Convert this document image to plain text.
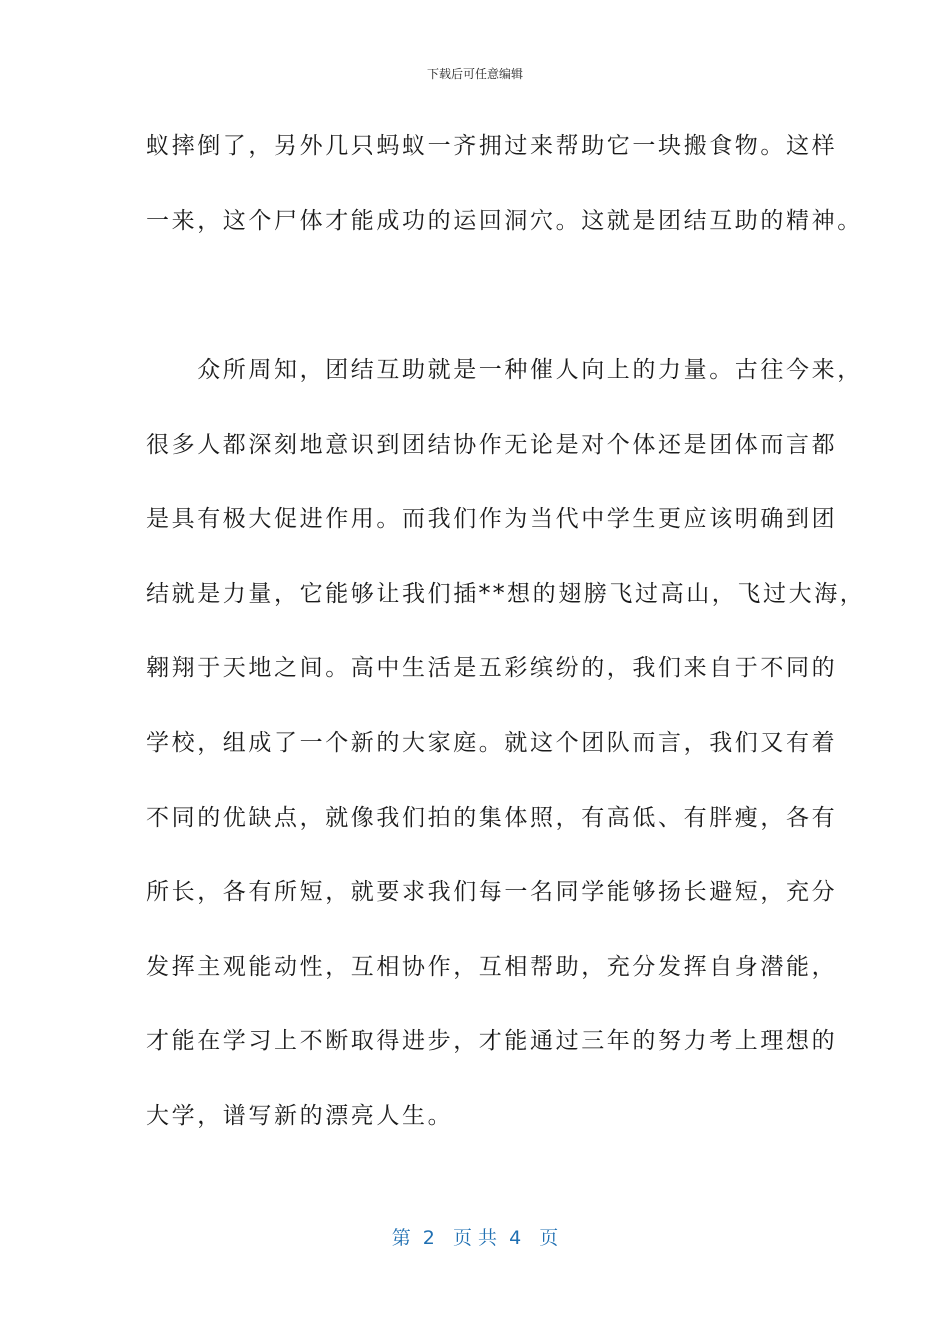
下载后可任意编辑
蚁摔倒了，另外几只蚂蚁一齐拥过来帮助它一块搬食物。这样
一来，这个尸体才能成功的运回洞穴。这就是团结互助的精神。
　　众所周知，团结互助就是一种催人向上的力量。古往今来，
很多人都深刻地意识到团结协作无论是对个体还是团体而言都
是具有极大促进作用。而我们作为当代中学生更应该明确到团
结就是力量，它能够让我们插**想的翅膀飞过高山，飞过大海，
翱翔于天地之间。高中生活是五彩缤纷的，我们来自于不同的
学校，组成了一个新的大家庭。就这个团队而言，我们又有着
不同的优缺点，就像我们拍的集体照，有高低、有胖瘦，各有
所长，各有所短，就要求我们每一名同学能够扬长避短，充分
发挥主观能动性，互相协作，互相帮助，充分发挥自身潜能，
才能在学习上不断取得进步，才能通过三年的努力考上理想的
大学，谱写新的漂亮人生。
第  2   页 共  4   页
